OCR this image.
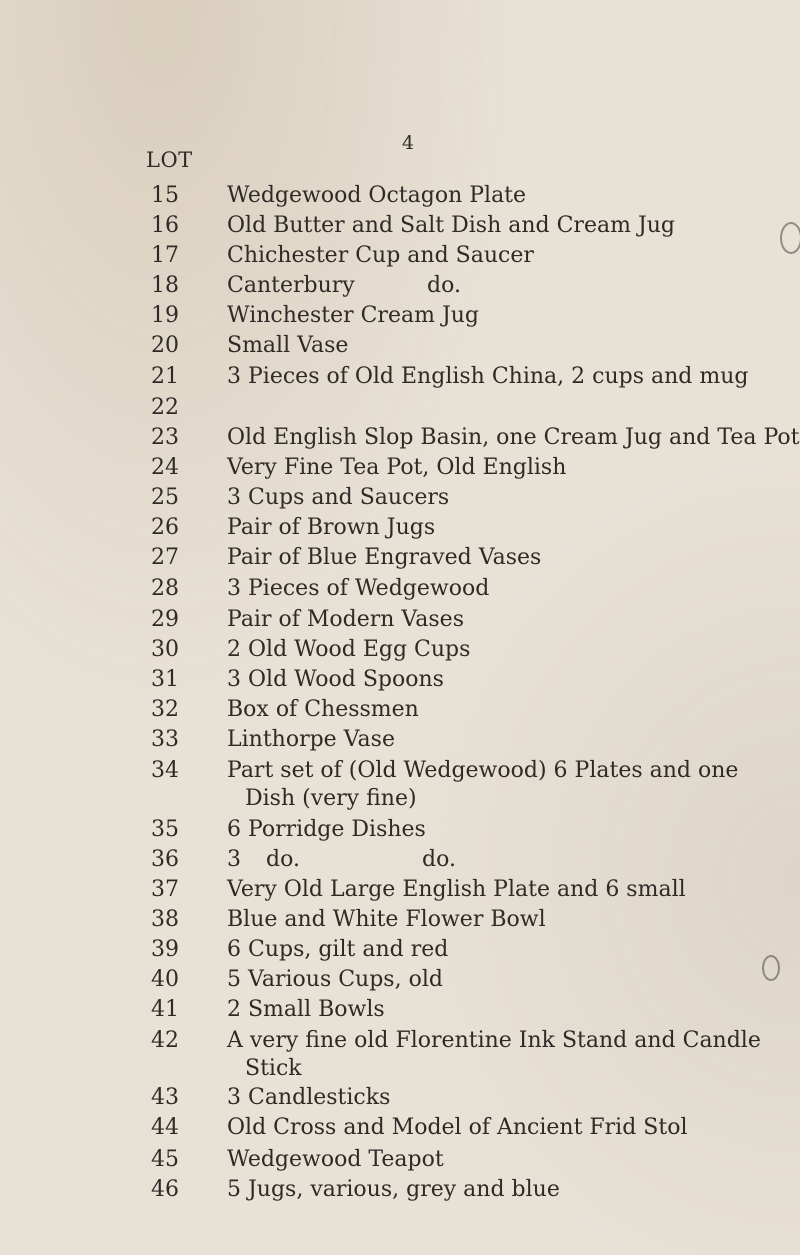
4
LOT
15 Wedgewood Octagon Plate
16 Old Butter and Salt Dish and Cream Jug
17 Chichester Cup and Saucer
18 Canterbury	do.
19 Winchester Cream Jug
20 Small Vase
21 3 Pieces of Old English China, 2 cups and mug
22
23 Old English Slop Basin, one Cream Jug and Tea Pot
24 Very Fine Tea Pot, Old English
25 3 Cups and Saucers
26 Pair of Brown Jugs
27 Pair of Blue Engraved Vases
28 3 Pieces of Wedgewood
29 Pair of Modern Vases
30 2 Old Wood Egg Cups
31 3 Old Wood Spoons
32 Box of Chessmen
33 Linthorpe Vase
34 Part set of (Old Wedgewood) 6 Plates and one
Dish (very fine)
35 6 Porridge Dishes
36 3	do.	do.
37 Very Old Large English Plate and 6 small
38 Blue and White Flower Bowl
39 6 Cups, gilt and red
40 5 Various Cups, old
41 2 Small Bowls
42 A very fine old Florentine Ink Stand and Candle
Stick
43 3 Candlesticks
44 Old Cross and Model of Ancient Frid Stol
45 Wedgewood Teapot
46 5 Jugs, various, grey and blue
